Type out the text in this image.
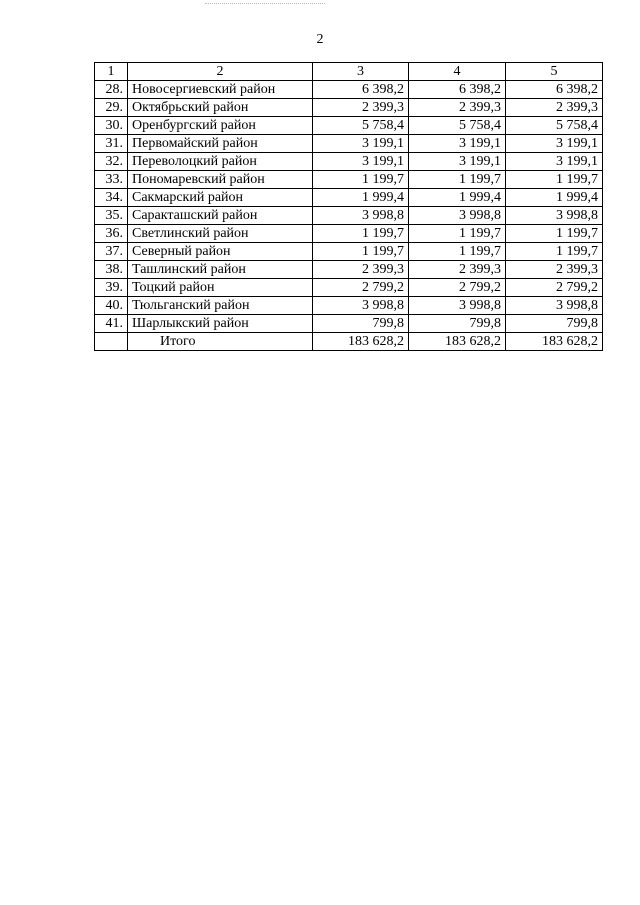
2
1	2	3	4	5
28.	Новосергиевский район	6 398,2	6 398,2	6 398,2
29.	Октябрьский район	2 399,3	2 399,3	2 399,3
30.	Оренбургский район	5 758,4	5 758,4	5 758,4
31.	Первомайский район	3 199,1	3 199,1	3 199,1
32.	Переволоцкий район	3 199,1	3 199,1	3 199,1
33.	Пономаревский район	1 199,7	1 199,7	1 199,7
34.	Сакмарский район	1 999,4	1 999,4	1 999,4
35.	Саракташский район	3 998,8	3 998,8	3 998,8
36.	Светлинский район	1 199,7	1 199,7	1 199,7
37.	Северный район	1 199,7	1 199,7	1 199,7
38.	Ташлинский район	2 399,3	2 399,3	2 399,3
39.	Тоцкий район	2 799,2	2 799,2	2 799,2
40.	Тюльганский район	3 998,8	3 998,8	3 998,8
41.	Шарлыкский район	799,8	799,8	799,8
	Итого	183 628,2	183 628,2	183 628,2
